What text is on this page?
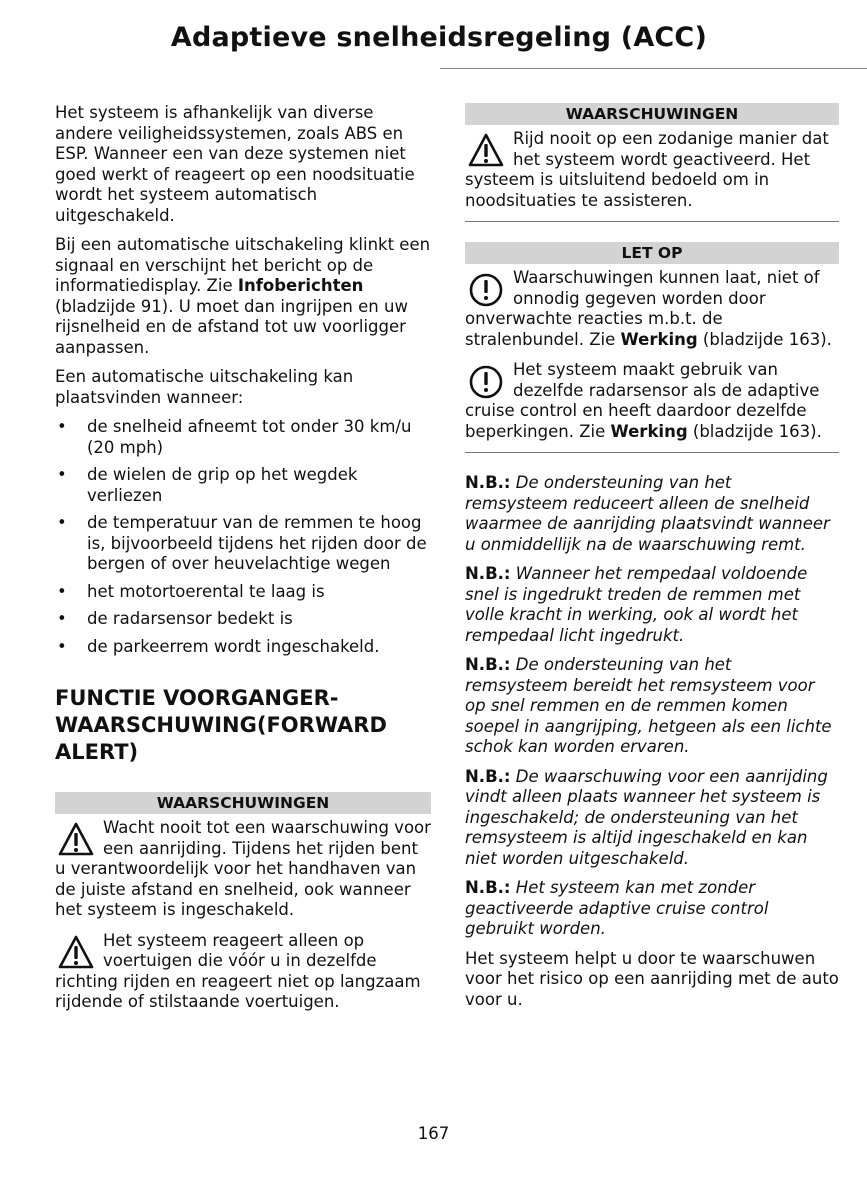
Adaptieve snelheidsregeling (ACC)

Het systeem is afhankelijk van diverse andere veiligheidssystemen, zoals ABS en ESP. Wanneer een van deze systemen niet goed werkt of reageert op een noodsituatie wordt het systeem automatisch uitgeschakeld.

Bij een automatische uitschakeling klinkt een signaal en verschijnt het bericht op de informatiedisplay. Zie Infoberichten (bladzijde 91). U moet dan ingrijpen en uw rijsnelheid en de afstand tot uw voorligger aanpassen.

Een automatische uitschakeling kan plaatsvinden wanneer:

• de snelheid afneemt tot onder 30 km/u (20 mph)
• de wielen de grip op het wegdek verliezen
• de temperatuur van de remmen te hoog is, bijvoorbeeld tijdens het rijden door de bergen of over heuvelachtige wegen
• het motortoerental te laag is
• de radarsensor bedekt is
• de parkeerrem wordt ingeschakeld.
FUNCTIE VOORGANGER-WAARSCHUWING(FORWARD ALERT)
WAARSCHUWINGEN
Wacht nooit tot een waarschuwing voor een aanrijding. Tijdens het rijden bent u verantwoordelijk voor het handhaven van de juiste afstand en snelheid, ook wanneer het systeem is ingeschakeld.
Het systeem reageert alleen op voertuigen die vóór u in dezelfde richting rijden en reageert niet op langzaam rijdende of stilstaande voertuigen.
WAARSCHUWINGEN
Rijd nooit op een zodanige manier dat het systeem wordt geactiveerd. Het systeem is uitsluitend bedoeld om in noodsituaties te assisteren.
LET OP
Waarschuwingen kunnen laat, niet of onnodig gegeven worden door onverwachte reacties m.b.t. de stralenbundel. Zie Werking (bladzijde 163).
Het systeem maakt gebruik van dezelfde radarsensor als de adaptive cruise control en heeft daardoor dezelfde beperkingen. Zie Werking (bladzijde 163).

N.B.: De ondersteuning van het remsysteem reduceert alleen de snelheid waarmee de aanrijding plaatsvindt wanneer u onmiddellijk na de waarschuwing remt.

N.B.: Wanneer het rempedaal voldoende snel is ingedrukt treden de remmen met volle kracht in werking, ook al wordt het rempedaal licht ingedrukt.

N.B.: De ondersteuning van het remsysteem bereidt het remsysteem voor op snel remmen en de remmen komen soepel in aangrijping, hetgeen als een lichte schok kan worden ervaren.

N.B.: De waarschuwing voor een aanrijding vindt alleen plaats wanneer het systeem is ingeschakeld; de ondersteuning van het remsysteem is altijd ingeschakeld en kan niet worden uitgeschakeld.

N.B.: Het systeem kan met zonder geactiveerde adaptive cruise control gebruikt worden.

Het systeem helpt u door te waarschuwen voor het risico op een aanrijding met de auto voor u.

167
